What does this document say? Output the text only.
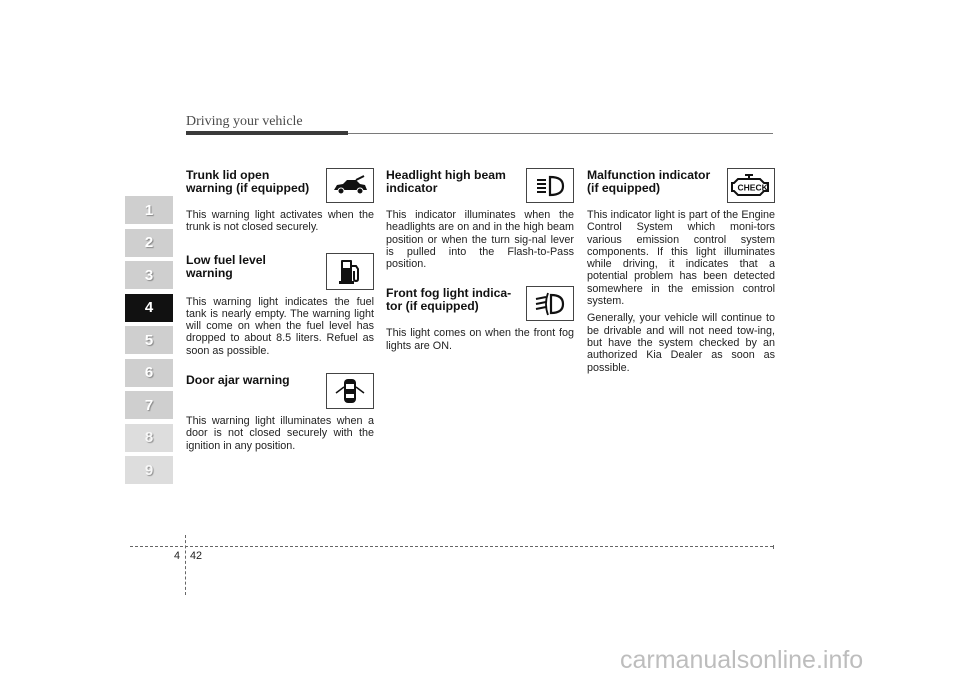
Driving your vehicle
1
2
3
4
5
6
7
8
9
Trunk lid open
warning (if equipped)

This warning light activates when the trunk is not closed securely.

Low fuel level
warning

This warning light indicates the fuel tank is nearly empty. The warning light will come on when the fuel level has dropped to about 8.5 liters. Refuel as soon as possible.

Door ajar warning

This warning light illuminates when a door is not closed securely with the ignition in any position.

Headlight high beam
indicator

This indicator illuminates when the headlights are on and in the high beam position or when the turn sig-nal lever is pulled into the Flash-to-Pass position.

Front fog light indica-
tor (if equipped)

This light comes on when the front fog lights are ON.

Malfunction indicator
(if equipped)	CHECK

This indicator light is part of the Engine Control System which moni-tors various emission control system components. If this light illuminates while driving, it indicates that a potential problem has been detected somewhere in the emission control system.

Generally, your vehicle will continue to be drivable and will not need tow-ing, but have the system checked by an authorized Kia Dealer as soon as possible.

4 42
carmanualsonline.info
